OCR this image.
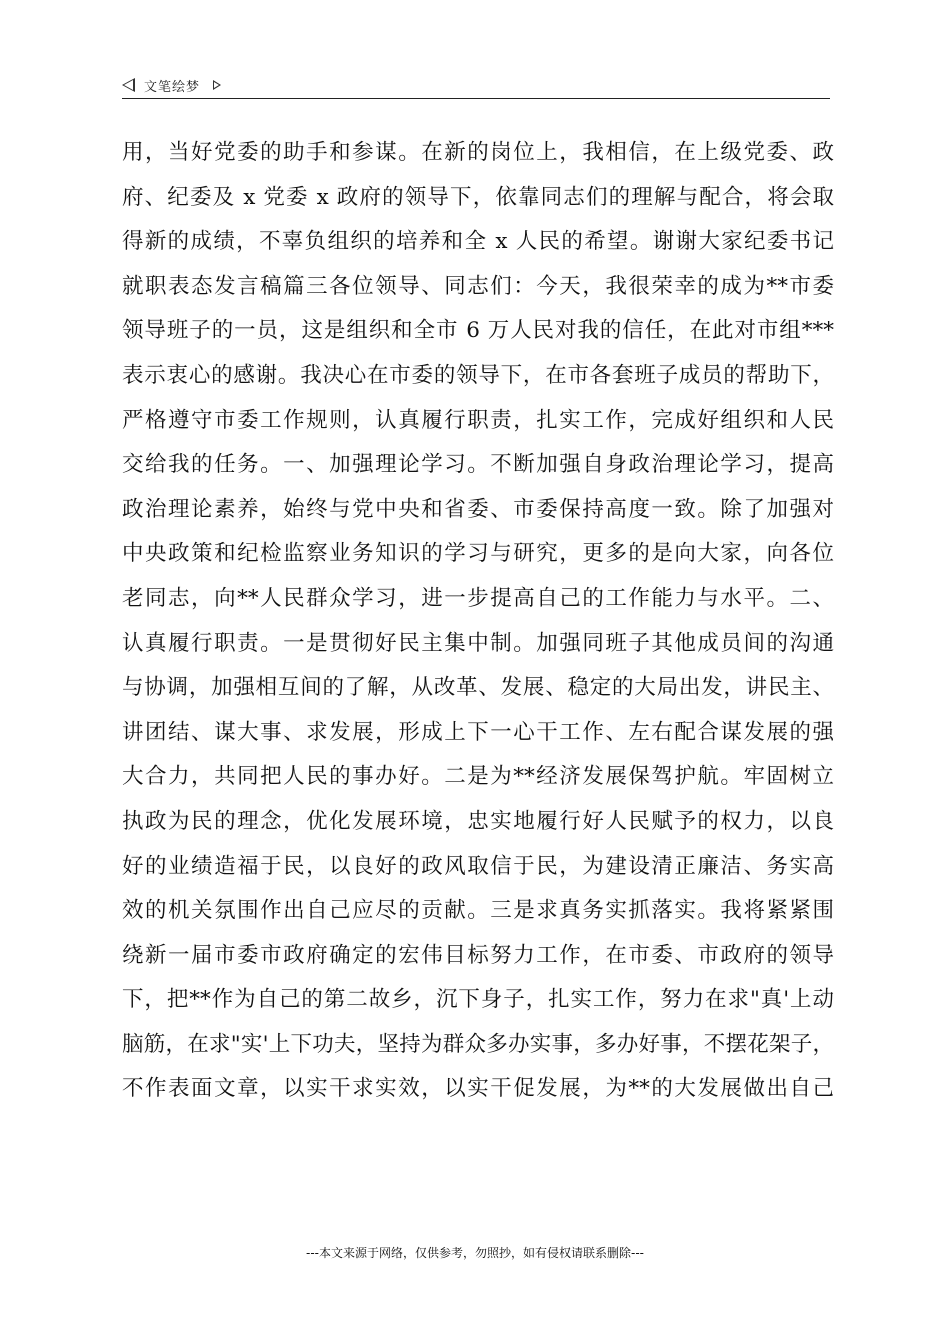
文笔绘梦
用，当好党委的助手和参谋。在新的岗位上，我相信，在上级党委、政
府、纪委及 x 党委 x 政府的领导下，依靠同志们的理解与配合，将会取
得新的成绩，不辜负组织的培养和全 x 人民的希望。谢谢大家纪委书记
就职表态发言稿篇三各位领导、同志们：今天，我很荣幸的成为**市委
领导班子的一员，这是组织和全市 6 万人民对我的信任，在此对市组***
表示衷心的感谢。我决心在市委的领导下，在市各套班子成员的帮助下，
严格遵守市委工作规则，认真履行职责，扎实工作，完成好组织和人民
交给我的任务。一、加强理论学习。不断加强自身政治理论学习，提高
政治理论素养，始终与党中央和省委、市委保持高度一致。除了加强对
中央政策和纪检监察业务知识的学习与研究，更多的是向大家，向各位
老同志，向**人民群众学习，进一步提高自己的工作能力与水平。二、
认真履行职责。一是贯彻好民主集中制。加强同班子其他成员间的沟通
与协调，加强相互间的了解，从改革、发展、稳定的大局出发，讲民主、
讲团结、谋大事、求发展，形成上下一心干工作、左右配合谋发展的强
大合力，共同把人民的事办好。二是为**经济发展保驾护航。牢固树立
执政为民的理念，优化发展环境，忠实地履行好人民赋予的权力，以良
好的业绩造福于民，以良好的政风取信于民，为建设清正廉洁、务实高
效的机关氛围作出自己应尽的贡献。三是求真务实抓落实。我将紧紧围
绕新一届市委市政府确定的宏伟目标努力工作，在市委、市政府的领导
下，把**作为自己的第二故乡，沉下身子，扎实工作，努力在求"真'上动
脑筋，在求"实'上下功夫，坚持为群众多办实事，多办好事，不摆花架子，
不作表面文章，以实干求实效，以实干促发展，为**的大发展做出自己
---本文来源于网络，仅供参考，勿照抄，如有侵权请联系删除---
